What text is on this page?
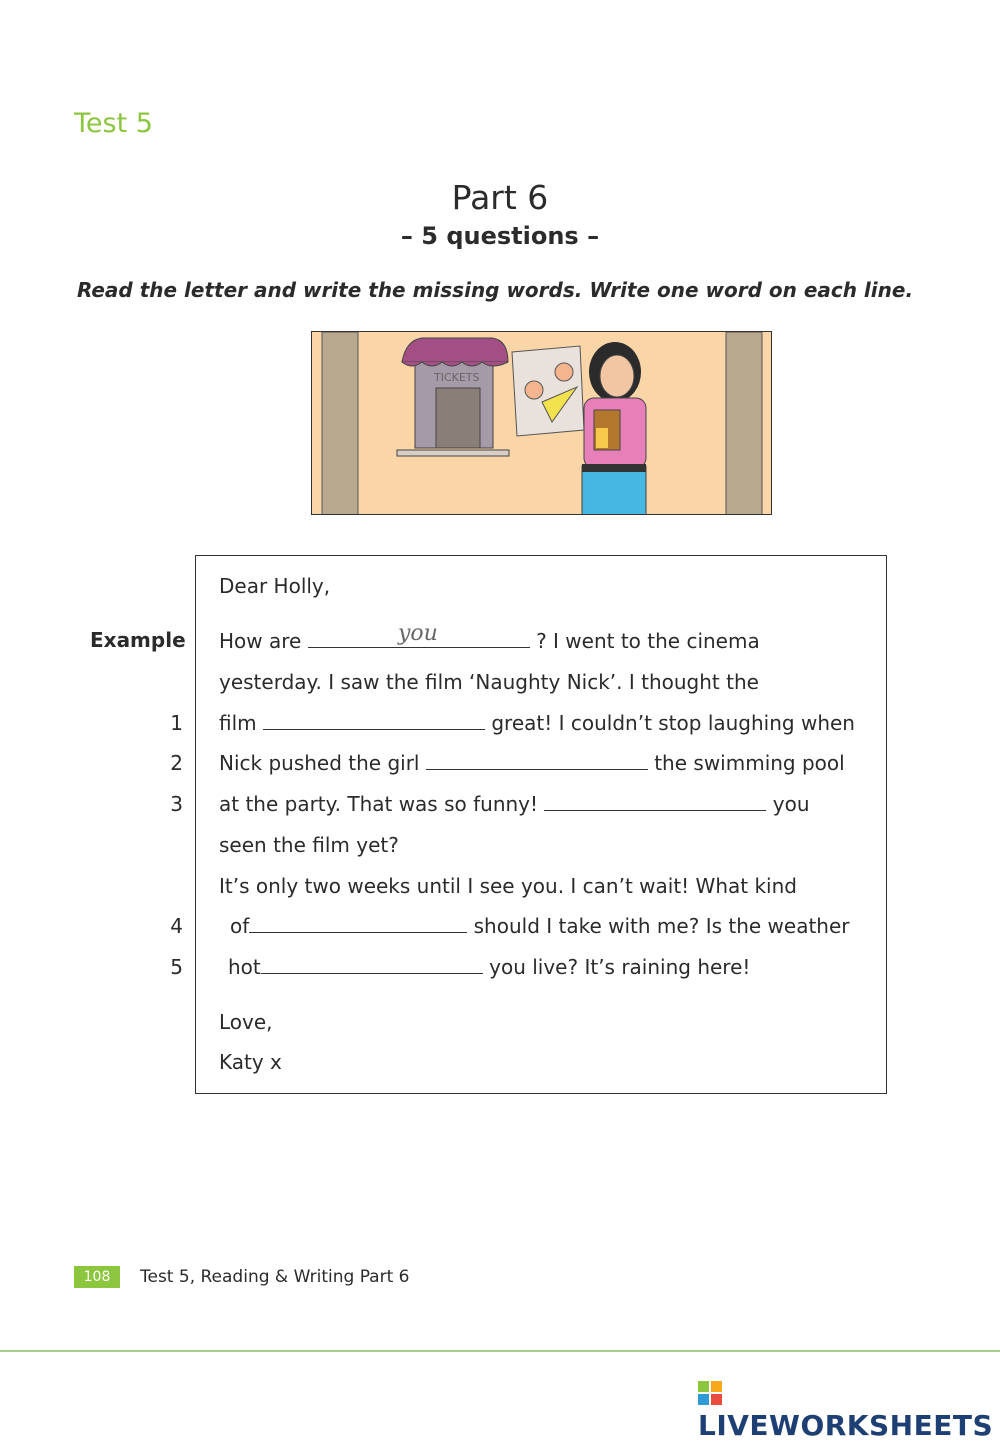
Test 5
Part 6
– 5 questions –
Read the letter and write the missing words. Write one word on each line.
TICKETS
Example
Dear Holly,
How are	? I went to the cinema
you
yesterday. I saw the film ‘Naughty Nick’. I thought the
1 film	great! I couldn’t stop laughing when
2 Nick pushed the girl	the swimming pool
3 at the party. That was so funny!	you
seen the film yet?
It’s only two weeks until I see you. I can’t wait! What kind
4 of	should I take with me? Is the weather
5 hot	you live? It’s raining here!
Love,
Katy x
108	Test 5, Reading & Writing Part 6
LIVEWORKSHEETS
